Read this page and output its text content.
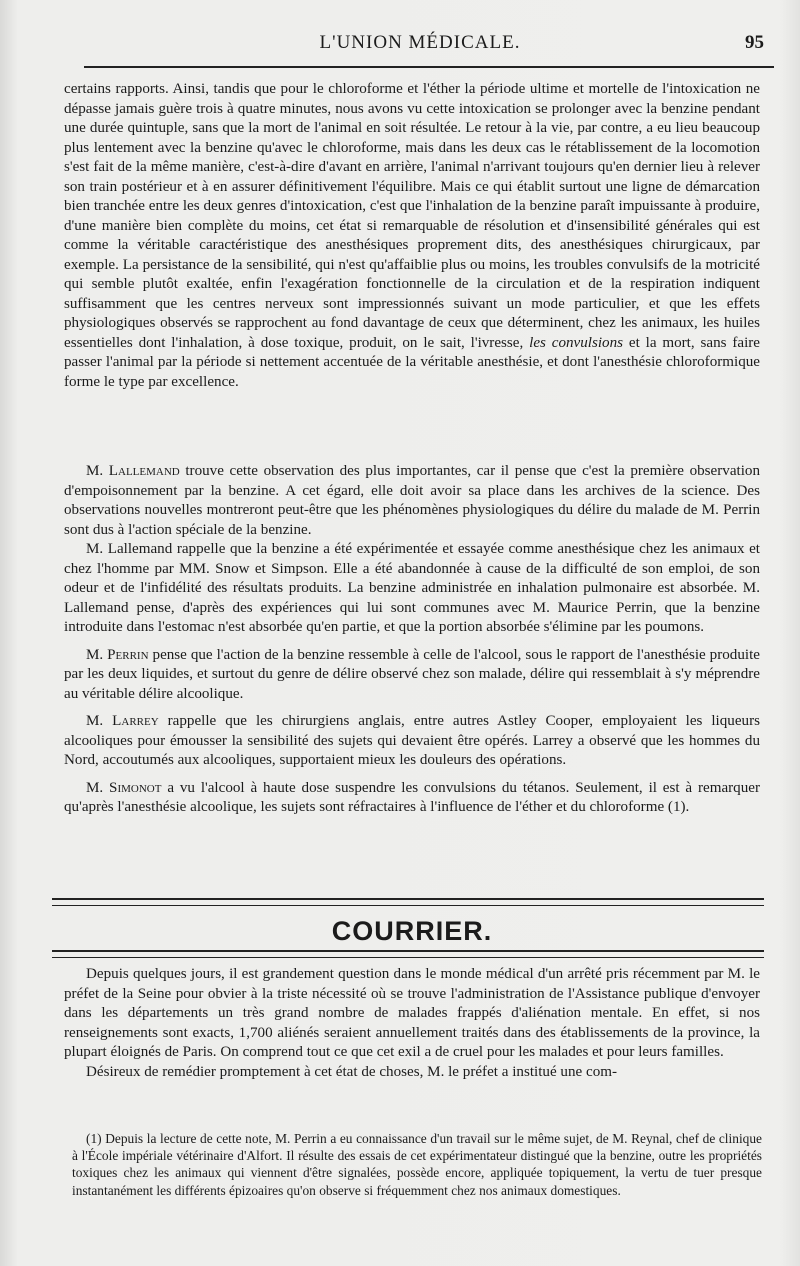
L'UNION MÉDICALE.	95

certains rapports. Ainsi, tandis que pour le chloroforme et l'éther la période ultime et mortelle de l'intoxication ne dépasse jamais guère trois à quatre minutes, nous avons vu cette intoxication se prolonger avec la benzine pendant une durée quintuple, sans que la mort de l'animal en soit résultée. Le retour à la vie, par contre, a eu lieu beaucoup plus lentement avec la benzine qu'avec le chloroforme, mais dans les deux cas le rétablissement de la locomotion s'est fait de la même manière, c'est-à-dire d'avant en arrière, l'animal n'arrivant toujours qu'en dernier lieu à relever son train postérieur et à en assurer définitivement l'équilibre. Mais ce qui établit surtout une ligne de démarcation bien tranchée entre les deux genres d'intoxication, c'est que l'inhalation de la benzine paraît impuissante à produire, d'une manière bien complète du moins, cet état si remarquable de résolution et d'insensibilité générales qui est comme la véritable caractéristique des anesthésiques proprement dits, des anesthésiques chirurgicaux, par exemple. La persistance de la sensibilité, qui n'est qu'affaiblie plus ou moins, les troubles convulsifs de la motricité qui semble plutôt exaltée, enfin l'exagération fonctionnelle de la circulation et de la respiration indiquent suffisamment que les centres nerveux sont impressionnés suivant un mode particulier, et que les effets physiologiques observés se rapprochent au fond davantage de ceux que déterminent, chez les animaux, les huiles essentielles dont l'inhalation, à dose toxique, produit, on le sait, l'ivresse, les convulsions et la mort, sans faire passer l'animal par la période si nettement accentuée de la véritable anesthésie, et dont l'anesthésie chloroformique forme le type par excellence.

M. Lallemand trouve cette observation des plus importantes, car il pense que c'est la première observation d'empoisonnement par la benzine. A cet égard, elle doit avoir sa place dans les archives de la science. Des observations nouvelles montreront peut-être que les phénomènes physiologiques du délire du malade de M. Perrin sont dus à l'action spéciale de la benzine.

M. Lallemand rappelle que la benzine a été expérimentée et essayée comme anesthésique chez les animaux et chez l'homme par MM. Snow et Simpson. Elle a été abandonnée à cause de la difficulté de son emploi, de son odeur et de l'infidélité des résultats produits. La benzine administrée en inhalation pulmonaire est absorbée. M. Lallemand pense, d'après des expériences qui lui sont communes avec M. Maurice Perrin, que la benzine introduite dans l'estomac n'est absorbée qu'en partie, et que la portion absorbée s'élimine par les poumons.

M. Perrin pense que l'action de la benzine ressemble à celle de l'alcool, sous le rapport de l'anesthésie produite par les deux liquides, et surtout du genre de délire observé chez son malade, délire qui ressemblait à s'y méprendre au véritable délire alcoolique.

M. Larrey rappelle que les chirurgiens anglais, entre autres Astley Cooper, employaient les liqueurs alcooliques pour émousser la sensibilité des sujets qui devaient être opérés. Larrey a observé que les hommes du Nord, accoutumés aux alcooliques, supportaient mieux les douleurs des opérations.

M. Simonot a vu l'alcool à haute dose suspendre les convulsions du tétanos. Seulement, il est à remarquer qu'après l'anesthésie alcoolique, les sujets sont réfractaires à l'influence de l'éther et du chloroforme (1).

COURRIER.

Depuis quelques jours, il est grandement question dans le monde médical d'un arrêté pris récemment par M. le préfet de la Seine pour obvier à la triste nécessité où se trouve l'administration de l'Assistance publique d'envoyer dans les départements un très grand nombre de malades frappés d'aliénation mentale. En effet, si nos renseignements sont exacts, 1,700 aliénés seraient annuellement traités dans des établissements de la province, la plupart éloignés de Paris. On comprend tout ce que cet exil a de cruel pour les malades et pour leurs familles.

Désireux de remédier promptement à cet état de choses, M. le préfet a institué une com-

(1) Depuis la lecture de cette note, M. Perrin a eu connaissance d'un travail sur le même sujet, de M. Reynal, chef de clinique à l'École impériale vétérinaire d'Alfort. Il résulte des essais de cet expérimentateur distingué que la benzine, outre les propriétés toxiques chez les animaux qui viennent d'être signalées, possède encore, appliquée topiquement, la vertu de tuer presque instantanément les différents épizoaires qu'on observe si fréquemment chez nos animaux domestiques.
